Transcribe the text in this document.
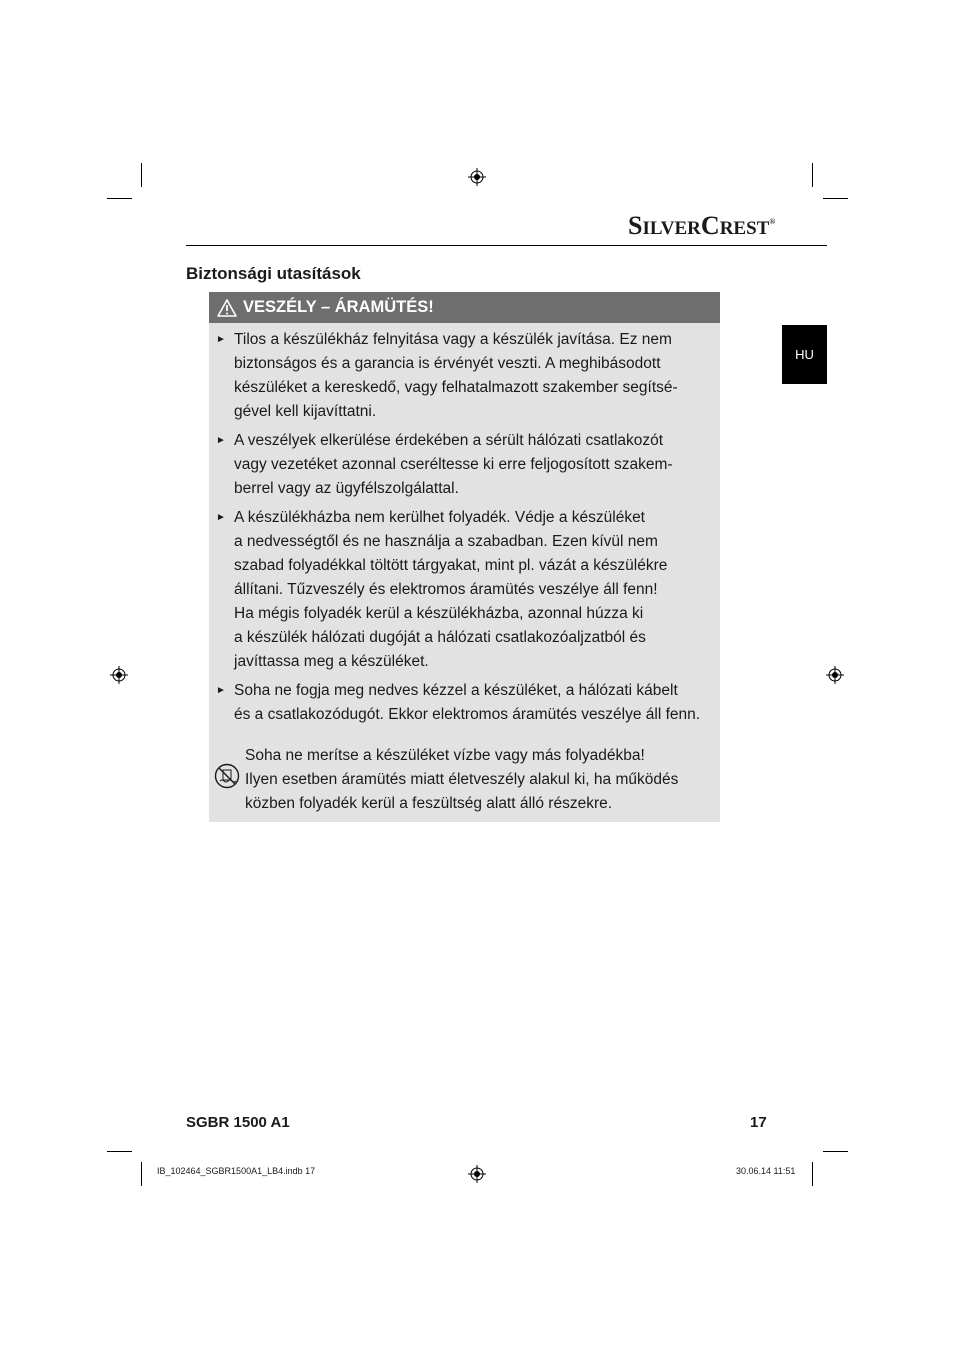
SILVERCREST®
Biztonsági utasítások
HU
VESZÉLY – ÁRAMÜTÉS!
► Tilos a készülékház felnyitása vagy a készülék javítása. Ez nem
biztonságos és a garancia is érvényét veszti. A meghibásodott
készüléket a kereskedő, vagy felhatalmazott szakember segítsé-
gével kell kijavíttatni.
► A veszélyek elkerülése érdekében a sérült hálózati csatlakozót
vagy vezetéket azonnal cseréltesse ki erre feljogosított szakem-
berrel vagy az ügyfélszolgálattal.
► A készülékházba nem kerülhet folyadék. Védje a készüléket
a nedvességtől és ne használja a szabadban. Ezen kívül nem
szabad folyadékkal töltött tárgyakat, mint pl. vázát a készülékre
állítani. Tűzveszély és elektromos áramütés veszélye áll fenn!
Ha mégis folyadék kerül a készülékházba, azonnal húzza ki
a készülék hálózati dugóját a hálózati csatlakozóaljzatból és
javíttassa meg a készüléket.
► Soha ne fogja meg nedves kézzel a készüléket, a hálózati kábelt
és a csatlakozódugót. Ekkor elektromos áramütés veszélye áll fenn.
Soha ne merítse a készüléket vízbe vagy más folyadékba!
Ilyen esetben áramütés miatt életveszély alakul ki, ha működés
közben folyadék kerül a feszültség alatt álló részekre.
SGBR 1500 A1	17
IB_102464_SGBR1500A1_LB4.indb 17	30.06.14 11:51
